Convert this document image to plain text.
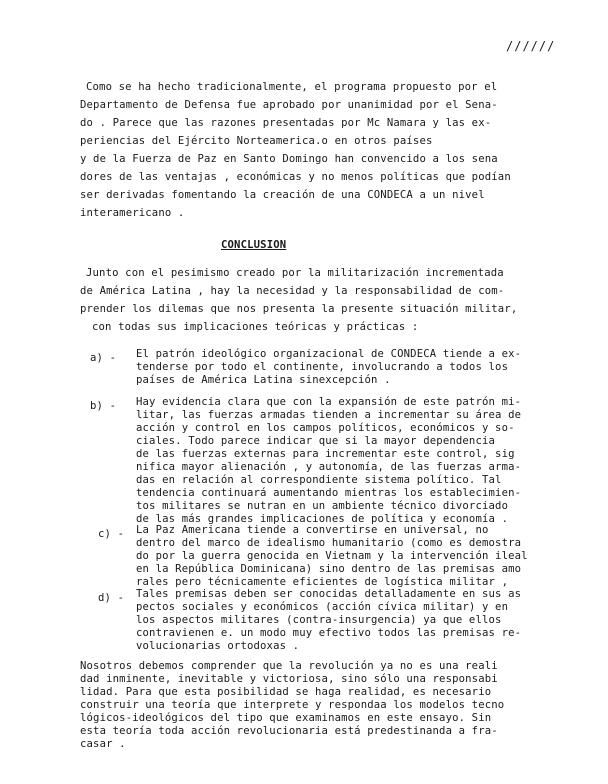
//////
Como se ha hecho tradicionalmente, el programa propuesto por el
Departamento de Defensa fue aprobado por unanimidad por el Sena-
do . Parece que las razones presentadas por Mc Namara y las ex-
periencias del Ejército Norteamerica.o en otros países
y de la Fuerza de Paz en Santo Domingo han convencido a los sena
dores de las ventajas , económicas y no menos políticas que podían
ser derivadas fomentando la creación de una CONDECA a un nivel
interamericano .
CONCLUSION
Junto con el pesimismo creado por la militarización incrementada
de América Latina , hay la necesidad y la responsabilidad de com-
prender los dilemas que nos presenta la presente situación militar,
con todas sus implicaciones teóricas y prácticas :
a) - El patrón ideológico organizacional de CONDECA tiende a ex-
tenderse por todo el continente, involucrando a todos los
países de América Latina sinexcepción .
b) - Hay evidencia clara que con la expansión de este patrón mi-
litar, las fuerzas armadas tienden a incrementar su área de
acción y control en los campos políticos, económicos y so-
ciales. Todo parece indicar que si la mayor dependencia
de las fuerzas externas para incrementar este control, sig
nifica mayor alienación , y autonomía, de las fuerzas arma-
das en relación al correspondiente sistema político. Tal
tendencia continuará aumentando mientras los establecimien-
tos militares se nutran en un ambiente técnico divorciado
de las más grandes implicaciones de política y economía .
c) - La Paz Americana tiende a convertirse en universal, no
dentro del marco de idealismo humanitario (como es demostra
do por la guerra genocida en Vietnam y la intervención ileal
en la República Dominicana) sino dentro de las premisas amo
rales pero técnicamente eficientes de logística militar ,
d) - Tales premisas deben ser conocidas detalladamente en sus as
pectos sociales y económicos (acción cívica militar) y en
los aspectos militares (contra-insurgencia) ya que ellos
contravienen e. un modo muy efectivo todos las premisas re-
volucionarias ortodoxas .
Nosotros debemos comprender que la revolución ya no es una reali
dad inminente, inevitable y victoriosa, sino sólo una responsabi
lidad. Para que esta posibilidad se haga realidad, es necesario
construir una teoría que interprete y respondaa los modelos tecno
lógicos-ideológicos del tipo que examinamos en este ensayo. Sin
esta teoría toda acción revolucionaria está predestinanda a fra-
casar .
